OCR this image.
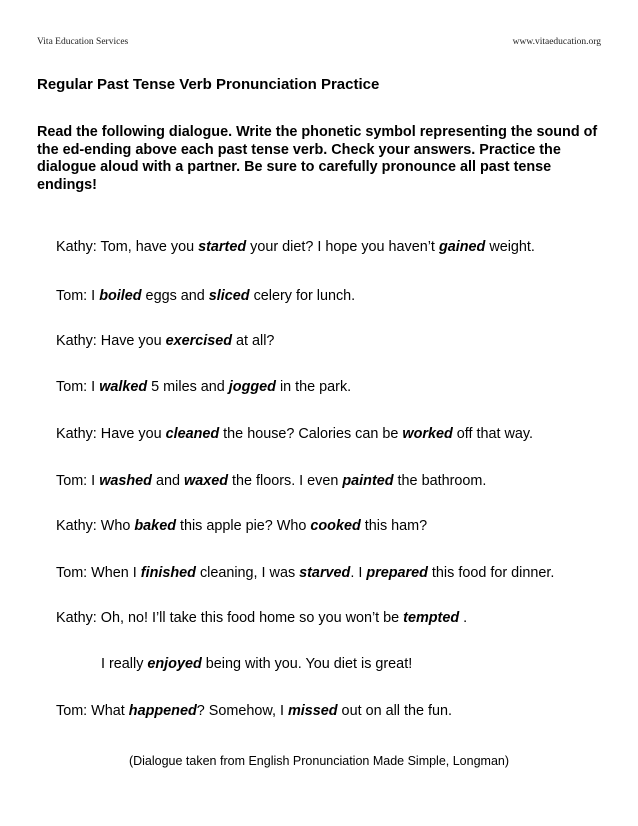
Vita Education Services	www.vitaeducation.org
Regular Past Tense Verb Pronunciation Practice
Read the following dialogue. Write the phonetic symbol representing the sound of the ed-ending above each past tense verb. Check your answers. Practice the dialogue aloud with a partner. Be sure to carefully pronounce all past tense endings!
Kathy: Tom, have you started your diet? I hope you haven’t gained weight.
Tom: I boiled eggs and sliced celery for lunch.
Kathy: Have you exercised at all?
Tom: I walked 5 miles and jogged in the park.
Kathy: Have you cleaned the house? Calories can be worked off that way.
Tom: I washed and waxed the floors. I even painted the bathroom.
Kathy: Who baked this apple pie? Who cooked this ham?
Tom: When I finished cleaning, I was starved. I prepared this food for dinner.
Kathy: Oh, no! I’ll take this food home so you won’t be tempted .
I really enjoyed being with you. You diet is great!
Tom: What happened? Somehow, I missed out on all the fun.
(Dialogue taken from English Pronunciation Made Simple, Longman)
